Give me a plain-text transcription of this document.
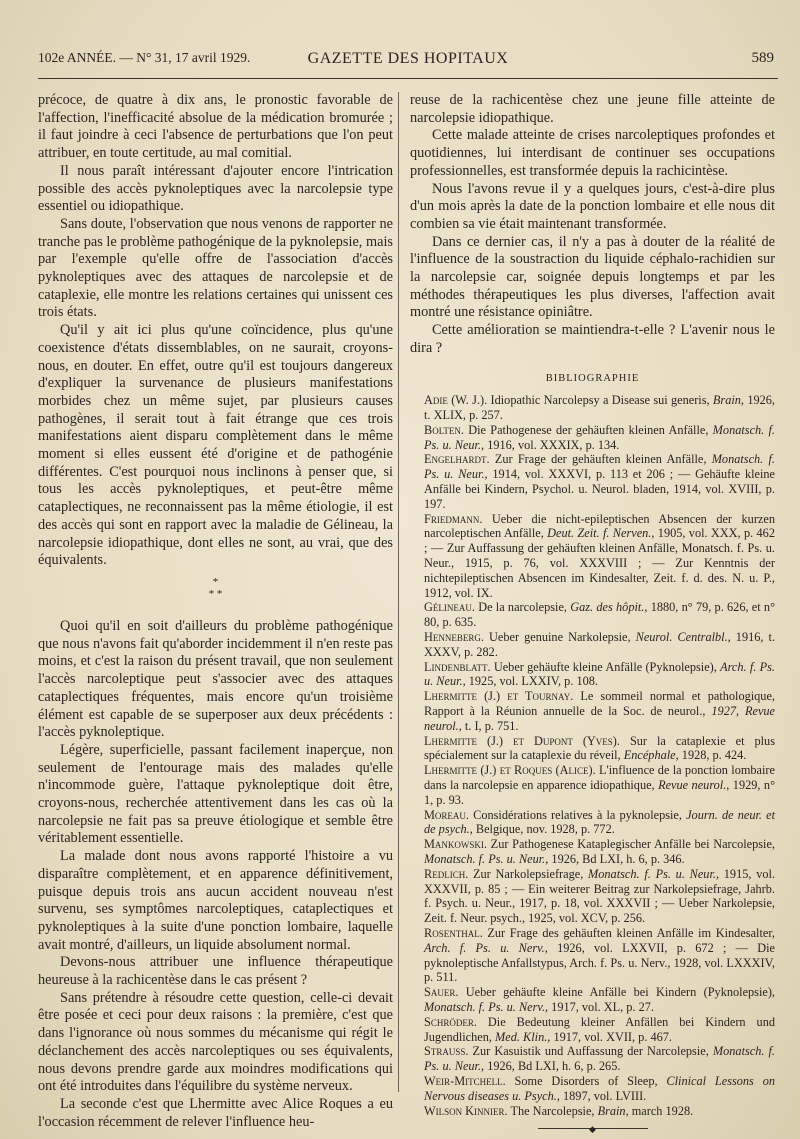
102e ANNÉE. — N° 31, 17 avril 1929.	GAZETTE DES HOPITAUX	589

précoce, de quatre à dix ans, le pronostic favorable de l'affection, l'inefficacité absolue de la médication bromurée ; il faut joindre à ceci l'absence de perturbations que l'on peut attribuer, en toute certitude, au mal comitial.

Il nous paraît intéressant d'ajouter encore l'intrication possible des accès pyknoleptiques avec la narcolepsie type essentiel ou idiopathique.

Sans doute, l'observation que nous venons de rapporter ne tranche pas le problème pathogénique de la pyknolepsie, mais par l'exemple qu'elle offre de l'association d'accès pyknoleptiques avec des attaques de narcolepsie et de cataplexie, elle montre les relations certaines qui unissent ces trois états.

Qu'il y ait ici plus qu'une coïncidence, plus qu'une coexistence d'états dissemblables, on ne saurait, croyons-nous, en douter. En effet, outre qu'il est toujours dangereux d'expliquer la survenance de plusieurs manifestations morbides chez un même sujet, par plusieurs causes pathogènes, il serait tout à fait étrange que ces trois manifestations aient disparu complètement dans le même moment si elles eussent été d'origine et de pathogénie différentes. C'est pourquoi nous inclinons à penser que, si tous les accès pyknoleptiques, et peut-être même cataplectiques, ne reconnaissent pas la même étiologie, il est des accès qui sont en rapport avec la maladie de Gélineau, la narcolepsie idiopathique, dont elles ne sont, au vrai, que des équivalents.

*
* *

Quoi qu'il en soit d'ailleurs du problème pathogénique que nous n'avons fait qu'aborder incidemment il n'en reste pas moins, et c'est la raison du présent travail, que non seulement l'accès narcoleptique peut s'associer avec des attaques cataplectiques fréquentes, mais encore qu'un troisième élément est capable de se superposer aux deux précédents : l'accès pyknoleptique.

Légère, superficielle, passant facilement inaperçue, non seulement de l'entourage mais des malades qu'elle n'incommode guère, l'attaque pyknoleptique doit être, croyons-nous, recherchée attentivement dans les cas où la narcolepsie ne fait pas sa preuve étiologique et semble être véritablement essentielle.

La malade dont nous avons rapporté l'histoire a vu disparaître complètement, et en apparence définitivement, puisque depuis trois ans aucun accident nouveau n'est survenu, ses symptômes narcoleptiques, cataplectiques et pyknoleptiques à la suite d'une ponction lombaire, laquelle avait montré, d'ailleurs, un liquide absolument normal.

Devons-nous attribuer une influence thérapeutique heureuse à la rachicentèse dans le cas présent ?

Sans prétendre à résoudre cette question, celle-ci devait être posée et ceci pour deux raisons : la première, c'est que dans l'ignorance où nous sommes du mécanisme qui régit le déclanchement des accès narcoleptiques ou ses équivalents, nous devons prendre garde aux moindres modifications qui ont été introduites dans l'équilibre du système nerveux.

La seconde c'est que Lhermitte avec Alice Roques a eu l'occasion récemment de relever l'influence heu-

reuse de la rachicentèse chez une jeune fille atteinte de narcolepsie idiopathique.

Cette malade atteinte de crises narcoleptiques profondes et quotidiennes, lui interdisant de continuer ses occupations professionnelles, est transformée depuis la rachicintèse.

Nous l'avons revue il y a quelques jours, c'est-à-dire plus d'un mois après la date de la ponction lombaire et elle nous dit combien sa vie était maintenant transformée.

Dans ce dernier cas, il n'y a pas à douter de la réalité de l'influence de la soustraction du liquide céphalo-rachidien sur la narcolepsie car, soignée depuis longtemps et par les méthodes thérapeutiques les plus diverses, l'affection avait montré une résistance opiniâtre.

Cette amélioration se maintiendra-t-elle ? L'avenir nous le dira ?

BIBLIOGRAPHIE

Adie (W. J.). Idiopathic Narcolepsy a Disease sui generis, Brain, 1926, t. XLIX, p. 257.

Bolten. Die Pathogenese der gehäuften kleinen Anfälle, Monatsch. f. Ps. u. Neur., 1916, vol. XXXIX, p. 134.

Engelhardt. Zur Frage der gehäuften kleinen Anfälle, Monatsch. f. Ps. u. Neur., 1914, vol. XXXVI, p. 113 et 206 ; — Gehäufte kleine Anfälle bei Kindern, Psychol. u. Neurol. bladen, 1914, vol. XVIII, p. 197.

Friedmann. Ueber die nicht-epileptischen Absencen der kurzen narcoleptischen Anfälle, Deut. Zeit. f. Nerven., 1905, vol. XXX, p. 462 ; — Zur Auffassung der gehäuften kleinen Anfälle, Monatsch. f. Ps. u. Neur., 1915, p. 76, vol. XXXVIII ; — Zur Kenntnis der nichtepileptischen Absencen im Kindesalter, Zeit. f. d. des. N. u. P., 1912, vol. IX.

Gélineau. De la narcolepsie, Gaz. des hôpit., 1880, n° 79, p. 626, et n° 80, p. 635.

Henneberg. Ueber genuine Narkolepsie, Neurol. Centralbl., 1916, t. XXXV, p. 282.

Lindenblatt. Ueber gehäufte kleine Anfälle (Pyknolepsie), Arch. f. Ps. u. Neur., 1925, vol. LXXIV, p. 108.

Lhermitte (J.) et Tournay. Le sommeil normal et pathologique, Rapport à la Réunion annuelle de la Soc. de neurol., 1927, Revue neurol., t. I, p. 751.

Lhermitte (J.) et Dupont (Yves). Sur la cataplexie et plus spécialement sur la cataplexie du réveil, Encéphale, 1928, p. 424.

Lhermitte (J.) et Roques (Alice). L'influence de la ponction lombaire dans la narcolepsie en apparence idiopathique, Revue neurol., 1929, n° 1, p. 93.

Moreau. Considérations relatives à la pyknolepsie, Journ. de neur. et de psych., Belgique, nov. 1928, p. 772.

Mankowski. Zur Pathogenese Kataplegischer Anfälle bei Narcolepsie, Monatsch. f. Ps. u. Neur., 1926, Bd LXI, h. 6, p. 346.

Redlich. Zur Narkolepsiefrage, Monatsch. f. Ps. u. Neur., 1915, vol. XXXVII, p. 85 ; — Ein weiterer Beitrag zur Narkolepsiefrage, Jahrb. f. Psych. u. Neur., 1917, p. 18, vol. XXXVII ; — Ueber Narkolepsie, Zeit. f. Neur. psych., 1925, vol. XCV, p. 256.

Rosenthal. Zur Frage des gehäuften kleinen Anfälle im Kindesalter, Arch. f. Ps. u. Nerv., 1926, vol. LXXVII, p. 672 ; — Die pyknoleptische Anfallstypus, Arch. f. Ps. u. Nerv., 1928, vol. LXXXIV, p. 511.

Sauer. Ueber gehäufte kleine Anfälle bei Kindern (Pyknolepsie), Monatsch. f. Ps. u. Nerv., 1917, vol. XL, p. 27.

Schröder. Die Bedeutung kleiner Anfällen bei Kindern und Jugendlichen, Med. Klin., 1917, vol. XVII, p. 467.

Strauss. Zur Kasuistik und Auffassung der Narcolepsie, Monatsch. f. Ps. u. Neur., 1926, Bd LXI, h. 6, p. 265.

Weir-Mitchell. Some Disorders of Sleep, Clinical Lessons on Nervous diseases u. Psych., 1897, vol. LVIII.

Wilson Kinnier. The Narcolepsie, Brain, march 1928.

◆
